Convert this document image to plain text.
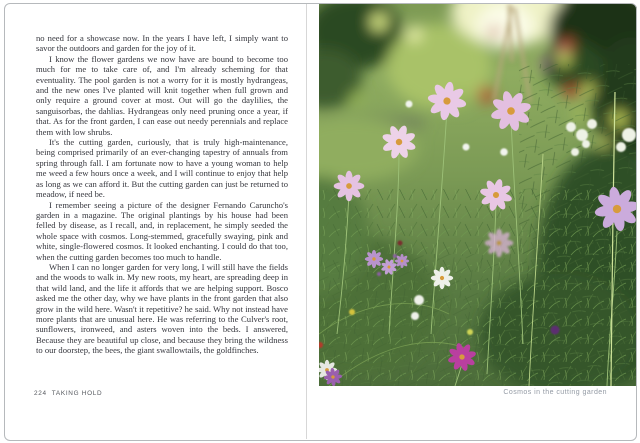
no need for a showcase now. In the years I have left, I simply want to savor the outdoors and garden for the joy of it.

I know the flower gardens we now have are bound to become too much for me to take care of, and I'm already scheming for that eventuality. The pool garden is not a worry for it is mostly hydrangeas, and the new ones I've planted will knit together when full grown and only require a ground cover at most. Out will go the daylilies, the sanguisorbas, the dahlias. Hydrangeas only need pruning once a year, if that. As for the front garden, I can ease out needy perennials and replace them with low shrubs.

It's the cutting garden, curiously, that is truly high-maintenance, being comprised primarily of an ever-changing tapestry of annuals from spring through fall. I am fortunate now to have a young woman to help me weed a few hours once a week, and I will continue to enjoy that help as long as we can afford it. But the cutting garden can just be returned to meadow, if need be.

I remember seeing a picture of the designer Fernando Caruncho's garden in a magazine. The original plantings by his house had been felled by disease, as I recall, and, in replacement, he simply seeded the whole space with cosmos. Long-stemmed, gracefully swaying, pink and white, single-flowered cosmos. It looked enchanting. I could do that too, when the cutting garden becomes too much to handle.

When I can no longer garden for very long, I will still have the fields and the woods to walk in. My new roots, my heart, are spreading deep in that wild land, and the life it affords that we are helping support. Bosco asked me the other day, why we have plants in the front garden that also grow in the wild here. Wasn't it repetitive? he said. Why not instead have more plants that are unusual here. He was referring to the Culver's root, sunflowers, ironweed, and asters woven into the beds. I answered, Because they are beautiful up close, and because they bring the wildness to our doorstep, the bees, the giant swallowtails, the goldfinches.

224 TAKING HOLD	Cosmos in the cutting garden
